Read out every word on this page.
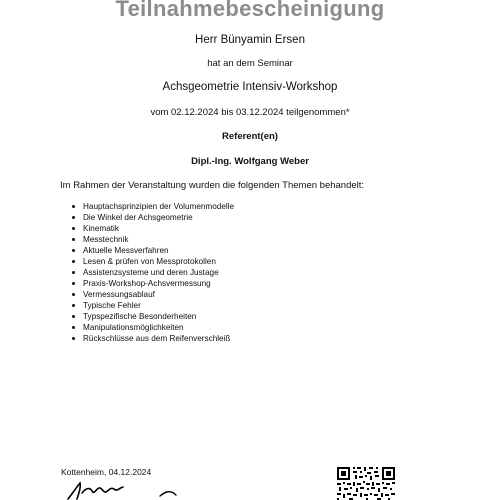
Teilnahmebescheinigung
Herr Bünyamin Ersen
hat an dem Seminar
Achsgeometrie Intensiv-Workshop
vom 02.12.2024 bis 03.12.2024 teilgenommen*
Referent(en)
Dipl.-Ing. Wolfgang Weber
Im Rahmen der Veranstaltung wurden die folgenden Themen behandelt:
Hauptachsprinzipien der Volumenmodelle
Die Winkel der Achsgeometrie
Kinematik
Messtechnik
Aktuelle Messverfahren
Lesen & prüfen von Messprotokollen
Assistenzsysteme und deren Justage
Praxis-Workshop-Achsvermessung
Vermessungsablauf
Typische Fehler
Typspezifische Besonderheiten
Manipulationsmöglichkeiten
Rückschlüsse aus dem Reifenverschleiß
Kottenheim, 04.12.2024
